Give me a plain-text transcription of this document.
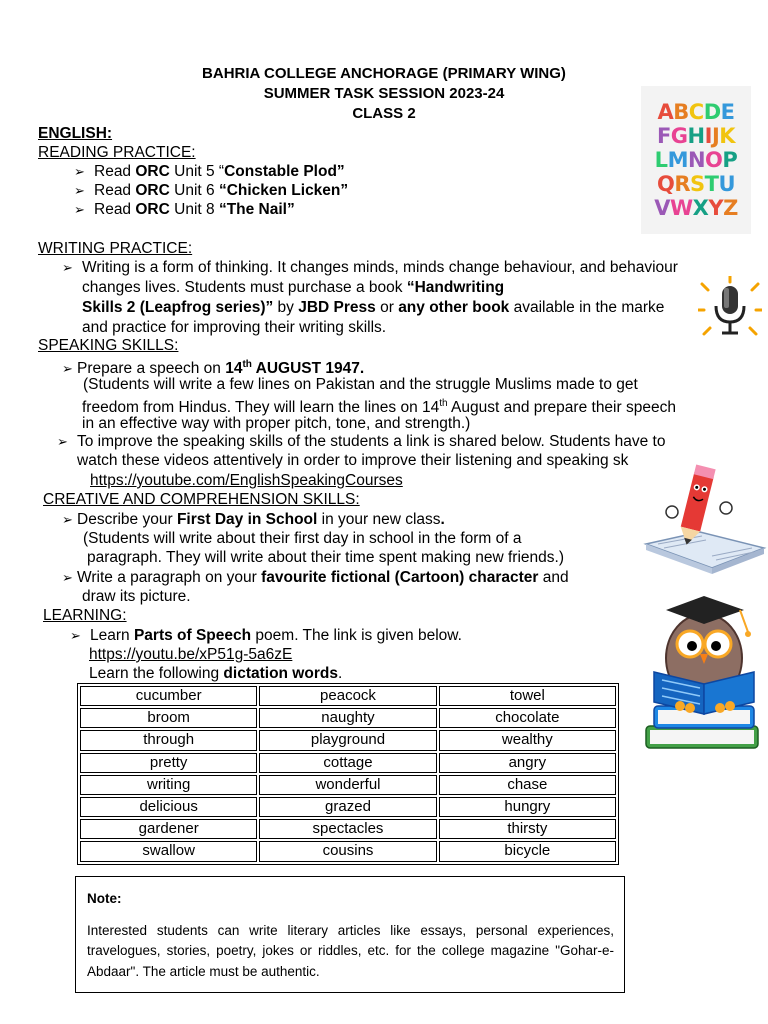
BAHRIA COLLEGE ANCHORAGE (PRIMARY WING)
SUMMER TASK SESSION 2023-24
CLASS 2	ABCDE
FGHIJK
LMNOP
QRSTU
VWXYZ
ENGLISH:
READING PRACTICE:
➢ Read ORC Unit 5 “Constable Plod”
➢ Read ORC Unit 6 “Chicken Licken”
➢ Read ORC Unit 8 “The Nail”
WRITING PRACTICE:
➢ Writing is a form of thinking. It changes minds, minds change behaviour, and behaviour
changes lives. Students must purchase a book “Handwriting
Skills 2 (Leapfrog series)” by JBD Press or any other book available in the marke
and practice for improving their writing skills.
SPEAKING SKILLS:
➢ Prepare a speech on 14th AUGUST 1947.
(Students will write a few lines on Pakistan and the struggle Muslims made to get
freedom from Hindus. They will learn the lines on 14th August and prepare their speech
in an effective way with proper pitch, tone, and strength.)
➢ To improve the speaking skills of the students a link is shared below. Students have to
watch these videos attentively in order to improve their listening and speaking sk
https://youtube.com/EnglishSpeakingCourses
CREATIVE AND COMPREHENSION SKILLS:
➢ Describe your First Day in School in your new class.
(Students will write about their first day in school in the form of a
paragraph. They will write about their time spent making new friends.)
➢ Write a paragraph on your favourite fictional (Cartoon) character and
draw its picture.
LEARNING:
➢ Learn Parts of Speech poem. The link is given below.
https://youtu.be/xP51g-5a6zE
Learn the following dictation words.
cucumber	peacock	towel
broom	naughty	chocolate
through	playground	wealthy
pretty	cottage	angry
writing	wonderful	chase
delicious	grazed	hungry
gardener	spectacles	thirsty
swallow	cousins	bicycle
Note:
Interested students can write literary articles like essays, personal experiences, travelogues, stories, poetry, jokes or riddles, etc. for the college magazine "Gohar-e-Abdaar". The article must be authentic.
